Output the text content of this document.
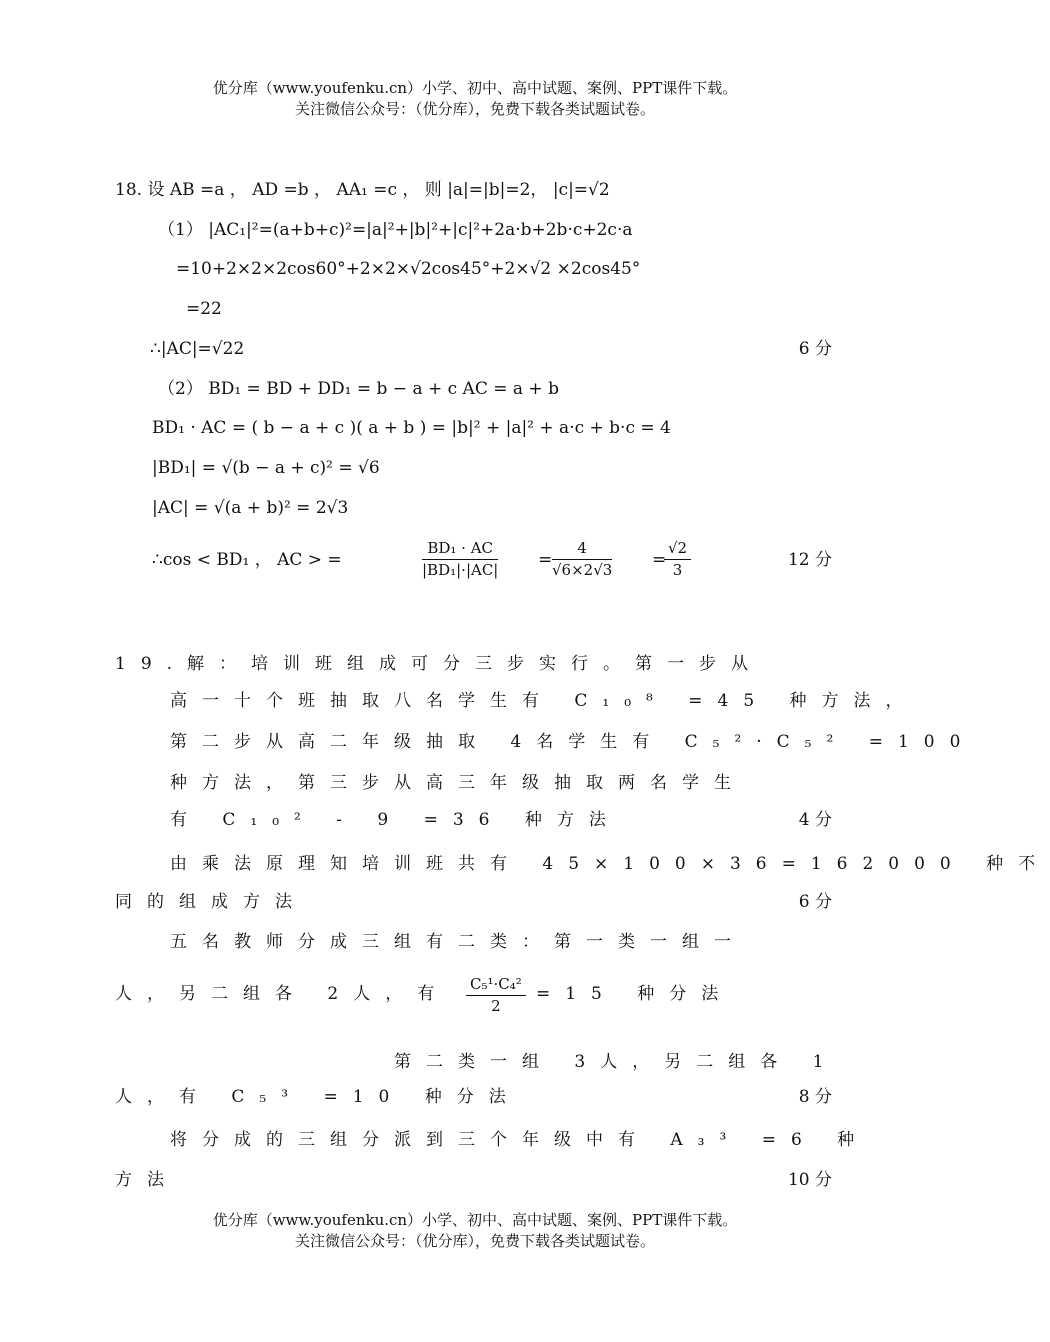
优分库（www.youfenku.cn）小学、初中、高中试题、案例、PPT课件下载。
关注微信公众号：（优分库），免费下载各类试题试卷。
18. 设 AB =a ， AD =b ， AA₁ =c ， 则 |a|=|b|=2， |c|=√2
（1） |AC₁|²=(a+b+c)²=|a|²+|b|²+|c|²+2a·b+2b·c+2c·a
=10+2×2×2cos60°+2×2×√2cos45°+2×√2 ×2cos45°
=22
∴|AC|=√22	6 分
（2） BD₁ = BD + DD₁ = b − a + c AC = a + b
BD₁ · AC = ( b − a + c )( a + b ) = |b|² + |a|² + a·c + b·c = 4
|BD₁| = √(b − a + c)² = √6
|AC| = √(a + b)² = 2√3
∴cos < BD₁ ， AC > =	$\frac{\text{BD₁ · AC}}{\text{|BD₁|·|AC|}} = \frac{4}{√6\times 2√3}$ =
$\frac{√2}{3}$	12 分
19.解：培训班组成可分三步实行。第一步从
高一十个班抽取八名学生有 C₁₀⁸ =45 种方法，
第二步从高二年级抽取 4名学生有 C₅²·C₅² =100
种方法，第三步从高三年级抽取两名学生
有 C₁₀² - 9 =36 种方法	4 分
由乘法原理知培训班共有 45×100×36=162000 种不
同的组成方法	6 分
五名教师分成三组有二类：第一类一组一
人，另二组各 2人，有 $\frac{\text{C₅¹·C₄²}}{2} =15$ 种分法
第二类一组 3人，另二组各 1
人，有 C₅³ =10 种分法	8 分
将分成的三组分派到三个年级中有 A₃³ =6 种
方法	10 分
优分库（www.youfenku.cn）小学、初中、高中试题、案例、PPT课件下载。
关注微信公众号：（优分库），免费下载各类试题试卷。
